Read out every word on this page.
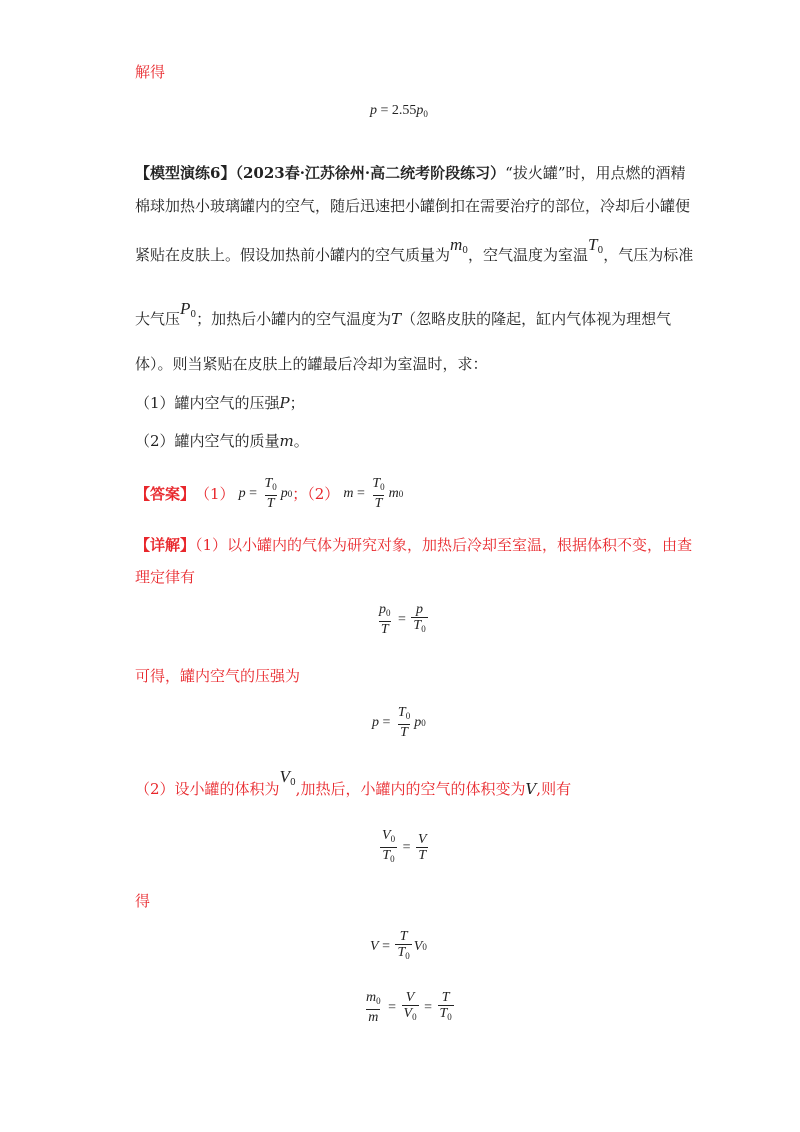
解得
$p = 2.55p_0$
【模型演练6】（2023春·江苏徐州·高二统考阶段练习）“拔火罐”时，用点燃的酒精
棉球加热小玻璃罐内的空气，随后迅速把小罐倒扣在需要治疗的部位，冷却后小罐便
紧贴在皮肤上。假设加热前小罐内的空气质量为$m_0$，空气温度为室温$T_0$，气压为标准
大气压$P_0$；加热后小罐内的空气温度为T（忽略皮肤的隆起，缸内气体视为理想气
体）。则当紧贴在皮肤上的罐最后冷却为室温时，求：
（1）罐内空气的压强P；
（2）罐内空气的质量m。
【答案】 （1） $p = \frac{T_0}{T}$ p 0 ；（2） $m = \frac{T_0}{T}$ m 0
【详解】（1）以小罐内的气体为研究对象，加热后冷却至室温，根据体积不变，由查
理定律有
$\frac{p_0}{T} = \frac{p}{T_0}$
可得，罐内空气的压强为
$p = \frac{T_0}{T}$ p 0
（2）设小罐的体积为$V_0$,加热后，小罐内的空气的体积变为V,则有
$\frac{V_0}{T_0} = \frac{V}{T}$
得
$V = \frac{T}{T_0}$ V 0
$\frac{m_0}{m} = \frac{V}{V_0} = \frac{T}{T_0}$
